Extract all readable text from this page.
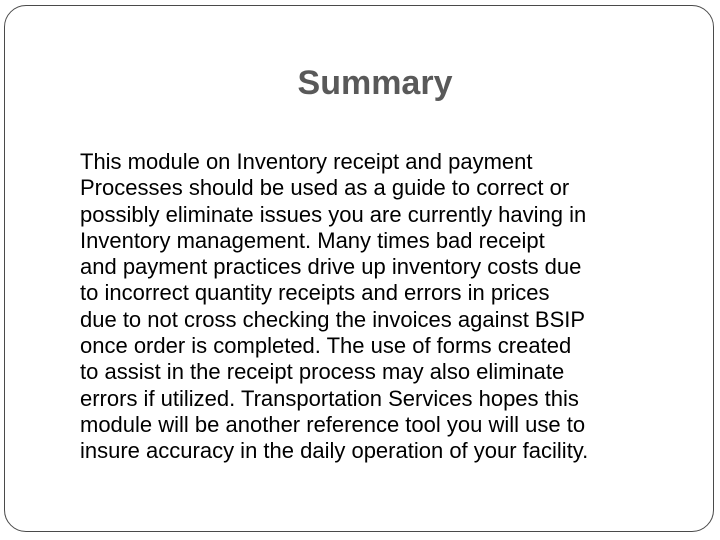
Summary

This module on Inventory receipt and payment
Processes should be used as a guide to correct or
possibly eliminate issues you are currently having in
Inventory management. Many times bad receipt
and payment practices drive up inventory costs due
to incorrect quantity receipts and errors in prices
due to not cross checking the invoices against BSIP
once order is completed. The use of forms created
to assist in the receipt process may also eliminate
errors if utilized. Transportation Services hopes this
module will be another reference tool you will use to
insure accuracy in the daily operation of your facility.
